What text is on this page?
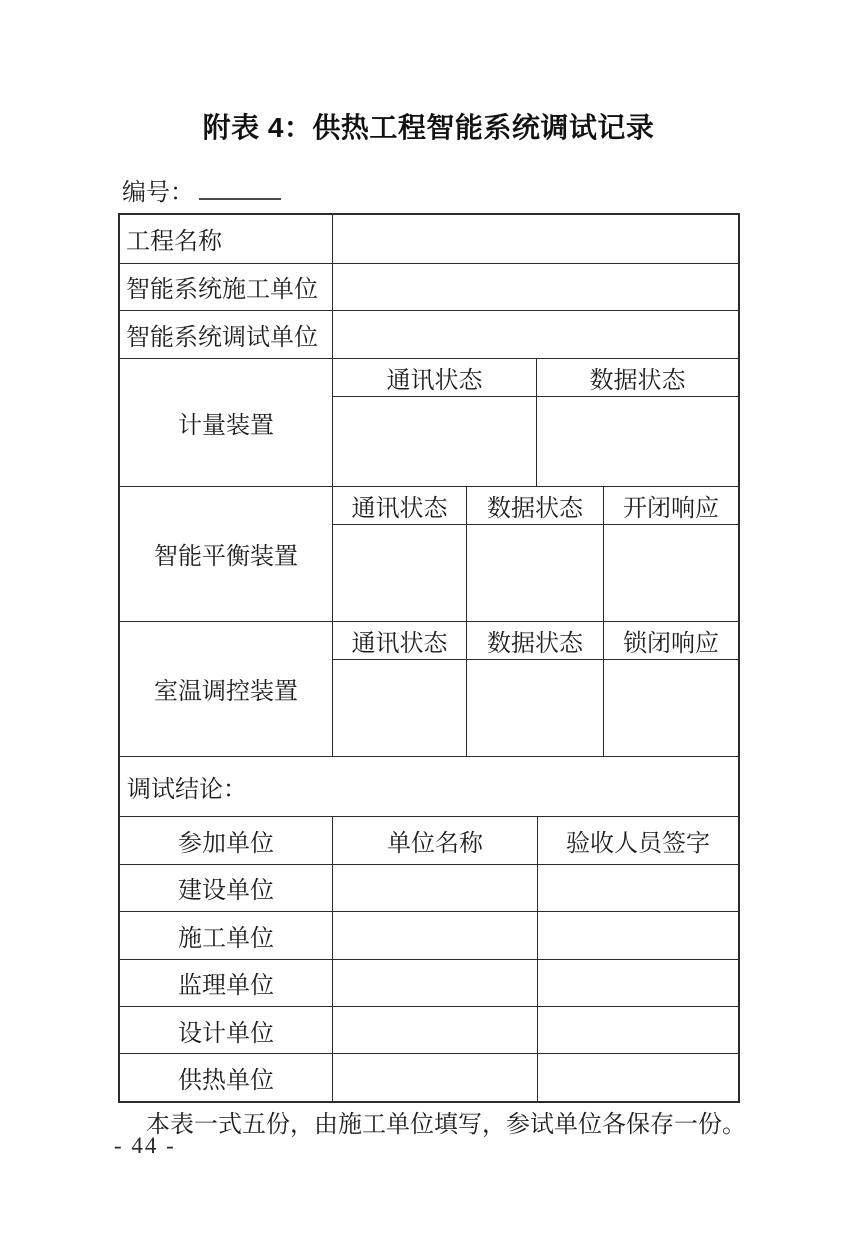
附表 4：供热工程智能系统调试记录
编号：
工程名称
智能系统施工单位
智能系统调试单位
计量装置
通讯状态	数据状态
智能平衡装置
通讯状态	数据状态	开闭响应
室温调控装置
通讯状态	数据状态	锁闭响应
调试结论：
参加单位	单位名称	验收人员签字
建设单位
施工单位
监理单位
设计单位
供热单位
本表一式五份，由施工单位填写，参试单位各保存一份。
- 44 -
